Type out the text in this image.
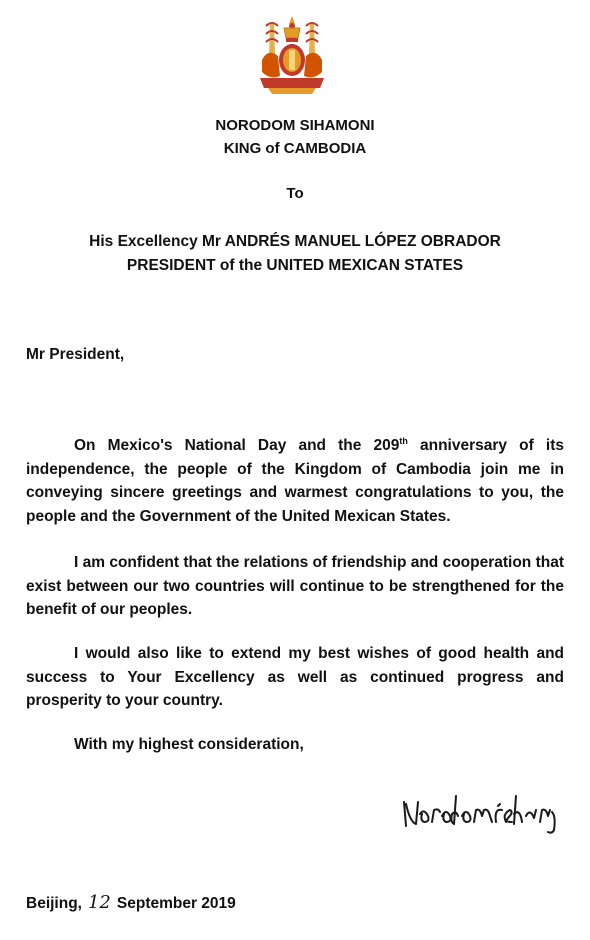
NORODOM SIHAMONI
KING of CAMBODIA
To
His Excellency Mr ANDRÉS MANUEL LÓPEZ OBRADOR
PRESIDENT of the UNITED MEXICAN STATES
Mr President,
On Mexico's National Day and the 209th anniversary of its independence, the people of the Kingdom of Cambodia join me in conveying sincere greetings and warmest congratulations to you, the people and the Government of the United Mexican States.
I am confident that the relations of friendship and cooperation that exist between our two countries will continue to be strengthened for the benefit of our peoples.
I would also like to extend my best wishes of good health and success to Your Excellency as well as continued progress and prosperity to your country.
With my highest consideration,
Beijing, 12 September 2019
